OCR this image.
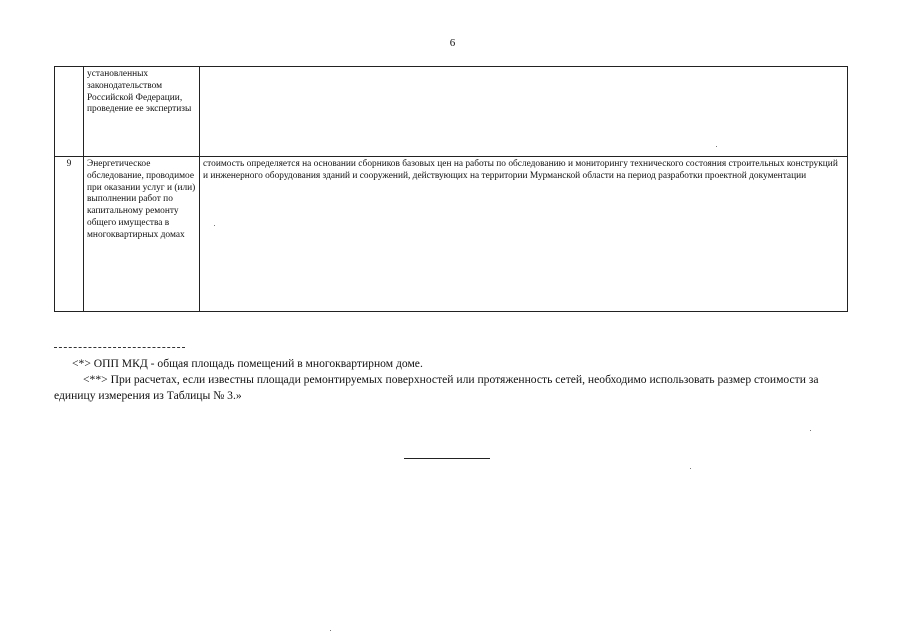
6
	установленных законодательством Российской Федерации, проведение ее экспертизы	
9	Энергетическое обследование, проводимое при оказании услуг и (или) выполнении работ по капитальному ремонту общего имущества в многоквартирных домах	стоимость определяется на основании сборников базовых цен на работы по обследованию и мониторингу технического состояния строительных конструкций и инженерного оборудования зданий и сооружений, действующих на территории Мурманской области на период разработки проектной документации

<*> ОПП МКД - общая площадь помещений в многоквартирном доме.

<**> При расчетах, если известны площади ремонтируемых поверхностей или протяженность сетей, необходимо использовать размер стоимости за единицу измерения из Таблицы № 3.»
